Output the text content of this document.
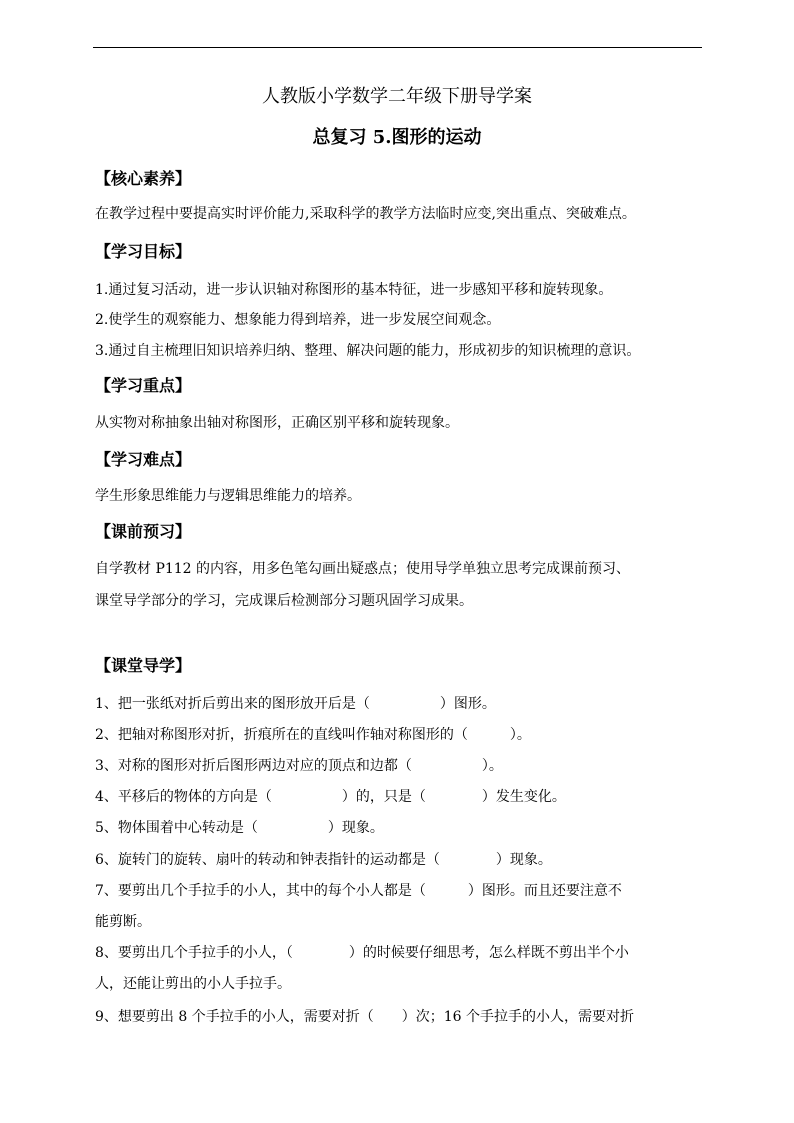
人教版小学数学二年级下册导学案
总复习 5.图形的运动
【核心素养】
在教学过程中要提高实时评价能力,采取科学的教学方法临时应变,突出重点、突破难点。
【学习目标】
1.通过复习活动，进一步认识轴对称图形的基本特征，进一步感知平移和旋转现象。
2.使学生的观察能力、想象能力得到培养，进一步发展空间观念。
3.通过自主梳理旧知识培养归纳、整理、解决问题的能力，形成初步的知识梳理的意识。
【学习重点】
从实物对称抽象出轴对称图形，正确区别平移和旋转现象。
【学习难点】
学生形象思维能力与逻辑思维能力的培养。
【课前预习】
自学教材 P112 的内容，用多色笔勾画出疑惑点；使用导学单独立思考完成课前预习、
课堂导学部分的学习，完成课后检测部分习题巩固学习成果。
【课堂导学】
1、把一张纸对折后剪出来的图形放开后是（　　　　　）图形。
2、把轴对称图形对折，折痕所在的直线叫作轴对称图形的（　　　）。
3、对称的图形对折后图形两边对应的顶点和边都（　　　　　）。
4、平移后的物体的方向是（　　　　　）的，只是（　　　　）发生变化。
5、物体围着中心转动是（　　　　　）现象。
6、旋转门的旋转、扇叶的转动和钟表指针的运动都是（　　　　）现象。
7、要剪出几个手拉手的小人，其中的每个小人都是（　　　）图形。而且还要注意不
能剪断。
8、要剪出几个手拉手的小人，（　　　　）的时候要仔细思考，怎么样既不剪出半个小
人，还能让剪出的小人手拉手。
9、想要剪出 8 个手拉手的小人，需要对折（　　）次；16 个手拉手的小人，需要对折
